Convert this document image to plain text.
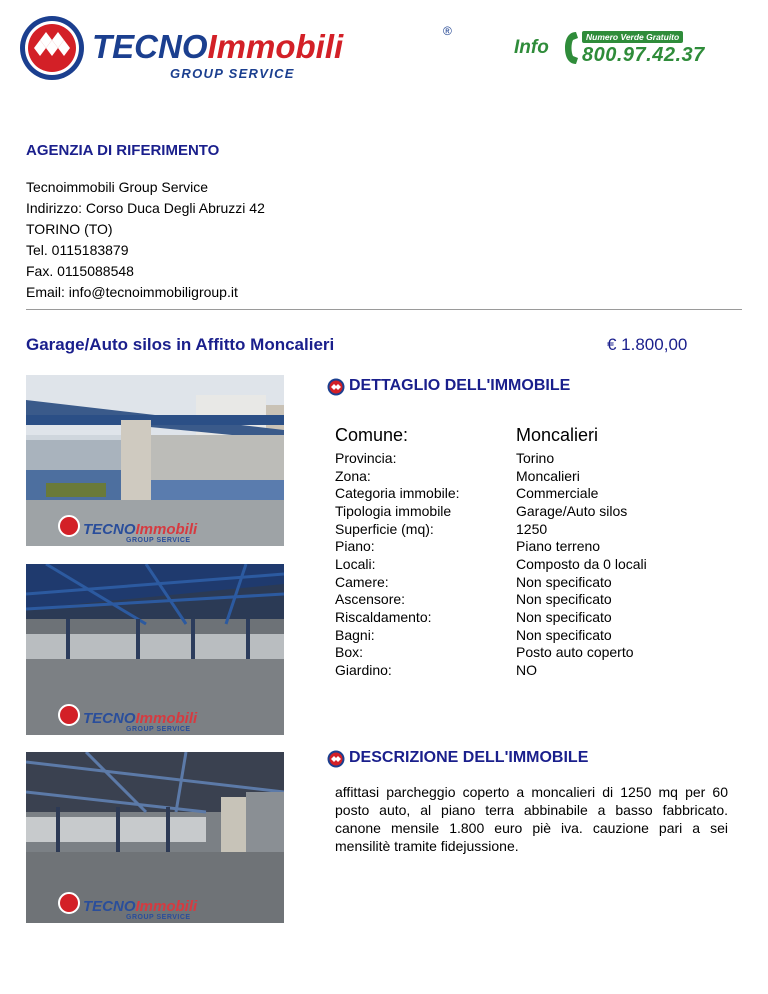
TECNOImmobili	®
GROUP SERVICE
Info	Numero Verde Gratuito
800.97.42.37
AGENZIA DI RIFERIMENTO
Tecnoimmobili Group Service
Indirizzo: Corso Duca Degli Abruzzi 42
TORINO (TO)
Tel. 0115183879
Fax. 0115088548
Email: info@tecnoimmobiligroup.it
Garage/Auto silos in Affitto Moncalieri	€ 1.800,00
TECNOImmobili
GROUP SERVICE
TECNOImmobili
GROUP SERVICE
TECNOImmobili
GROUP SERVICE
DETTAGLIO DELL'IMMOBILE
Comune:	Moncalieri
Provincia:	Torino
Zona:	Moncalieri
Categoria immobile:	Commerciale
Tipologia immobile	Garage/Auto silos
Superficie (mq):	1250
Piano:	Piano terreno
Locali:	Composto da 0 locali
Camere:	Non specificato
Ascensore:	Non specificato
Riscaldamento:	Non specificato
Bagni:	Non specificato
Box:	Posto auto coperto
Giardino:	NO
DESCRIZIONE DELL'IMMOBILE
affittasi parcheggio coperto a moncalieri di 1250 mq per 60 posto auto, al piano terra abbinabile a basso fabbricato. canone mensile 1.800 euro piè iva. cauzione pari a sei mensilitè tramite fidejussione.
